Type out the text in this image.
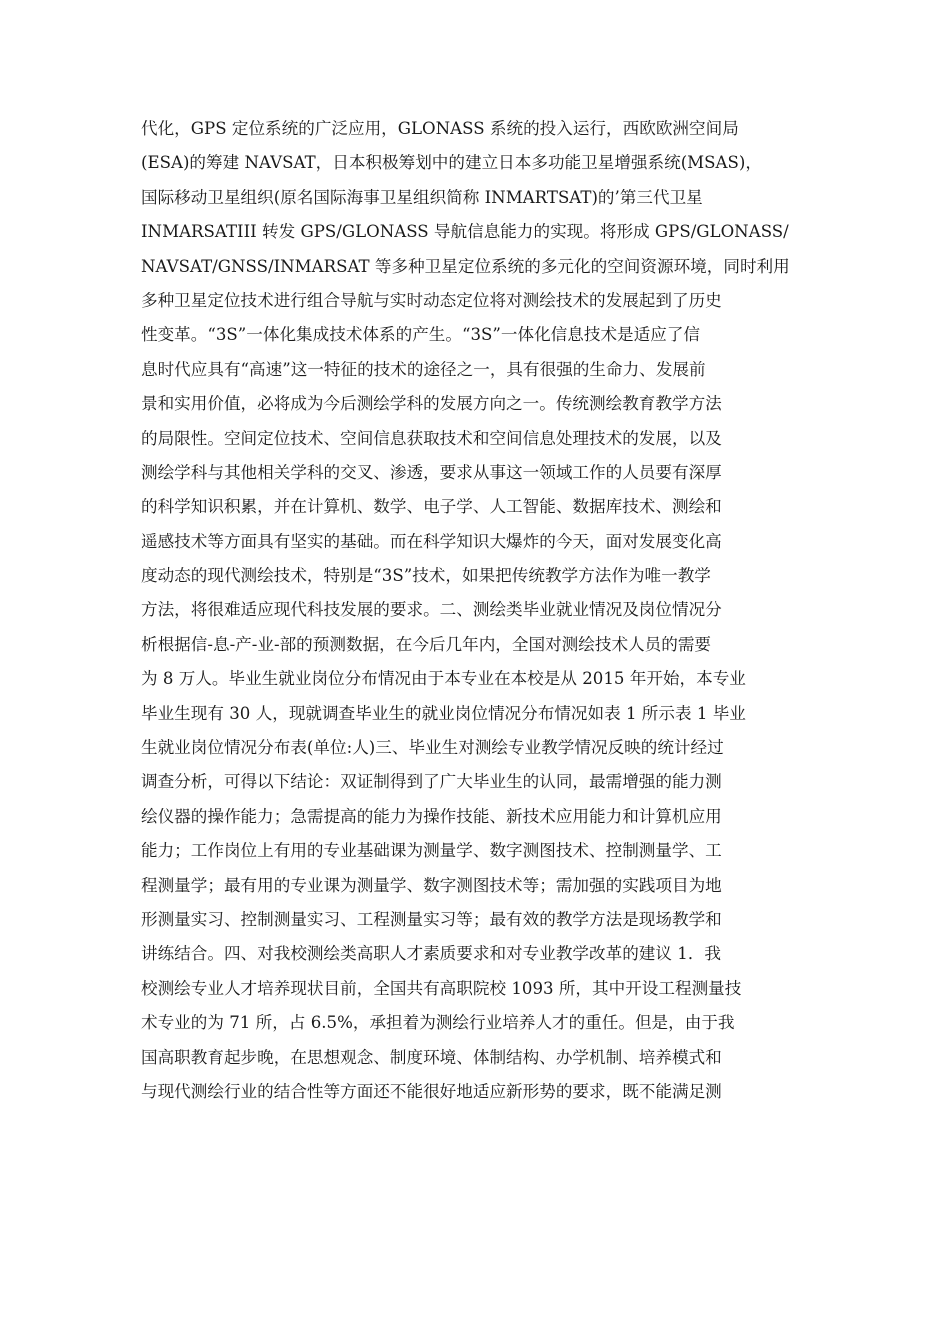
代化，GPS 定位系统的广泛应用，GLONASS 系统的投入运行，西欧欧洲空间局
(ESA)的筹建 NAVSAT，日本积极筹划中的建立日本多功能卫星增强系统(MSAS)，
国际移动卫星组织(原名国际海事卫星组织简称 INMARTSAT)的’第三代卫星
INMARSATIII 转发 GPS/GLONASS 导航信息能力的实现。将形成 GPS/GLONASS/
NAVSAT/GNSS/INMARSAT 等多种卫星定位系统的多元化的空间资源环境，同时利用
多种卫星定位技术进行组合导航与实时动态定位将对测绘技术的发展起到了历史
性变革。“3S”一体化集成技术体系的产生。“3S”一体化信息技术是适应了信
息时代应具有“高速”这一特征的技术的途径之一，具有很强的生命力、发展前
景和实用价值，必将成为今后测绘学科的发展方向之一。传统测绘教育教学方法
的局限性。空间定位技术、空间信息获取技术和空间信息处理技术的发展，以及
测绘学科与其他相关学科的交叉、渗透，要求从事这一领域工作的人员要有深厚
的科学知识积累，并在计算机、数学、电子学、人工智能、数据库技术、测绘和
遥感技术等方面具有坚实的基础。而在科学知识大爆炸的今天，面对发展变化高
度动态的现代测绘技术，特别是“3S”技术，如果把传统教学方法作为唯一教学
方法，将很难适应现代科技发展的要求。二、测绘类毕业就业情况及岗位情况分
析根据信-息-产-业-部的预测数据，在今后几年内，全国对测绘技术人员的需要
为 8 万人。毕业生就业岗位分布情况由于本专业在本校是从 2015 年开始，本专业
毕业生现有 30 人，现就调查毕业生的就业岗位情况分布情况如表 1 所示表 1 毕业
生就业岗位情况分布表(单位:人)三、毕业生对测绘专业教学情况反映的统计经过
调查分析，可得以下结论：双证制得到了广大毕业生的认同，最需增强的能力测
绘仪器的操作能力；急需提高的能力为操作技能、新技术应用能力和计算机应用
能力；工作岗位上有用的专业基础课为测量学、数字测图技术、控制测量学、工
程测量学；最有用的专业课为测量学、数字测图技术等；需加强的实践项目为地
形测量实习、控制测量实习、工程测量实习等；最有效的教学方法是现场教学和
讲练结合。四、对我校测绘类高职人才素质要求和对专业教学改革的建议 1．我
校测绘专业人才培养现状目前，全国共有高职院校 1093 所，其中开设工程测量技
术专业的为 71 所，占 6.5%，承担着为测绘行业培养人才的重任。但是，由于我
国高职教育起步晚，在思想观念、制度环境、体制结构、办学机制、培养模式和
与现代测绘行业的结合性等方面还不能很好地适应新形势的要求，既不能满足测
